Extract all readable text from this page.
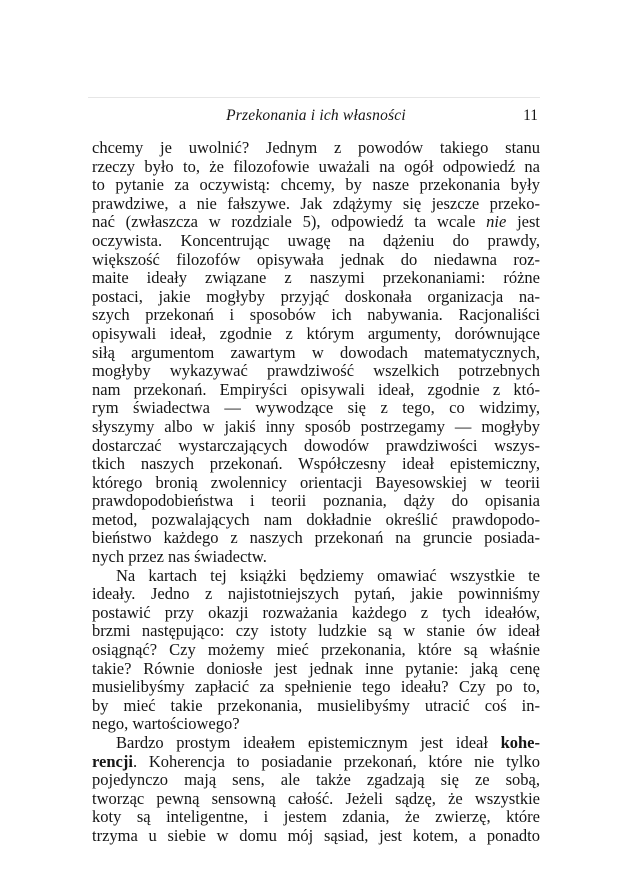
Przekonania i ich własności	11
chcemy je uwolnić? Jednym z powodów takiego stanu
rzeczy było to, że filozofowie uważali na ogół odpowiedź na
to pytanie za oczywistą: chcemy, by nasze przekonania były
prawdziwe, a nie fałszywe. Jak zdążymy się jeszcze przeko-
nać (zwłaszcza w rozdziale 5), odpowiedź ta wcale nie jest
oczywista. Koncentrując uwagę na dążeniu do prawdy,
większość filozofów opisywała jednak do niedawna roz-
maite ideały związane z naszymi przekonaniami: różne
postaci, jakie mogłyby przyjąć doskonała organizacja na-
szych przekonań i sposobów ich nabywania. Racjonaliści
opisywali ideał, zgodnie z którym argumenty, dorównujące
siłą argumentom zawartym w dowodach matematycznych,
mogłyby wykazywać prawdziwość wszelkich potrzebnych
nam przekonań. Empiryści opisywali ideał, zgodnie z któ-
rym świadectwa — wywodzące się z tego, co widzimy,
słyszymy albo w jakiś inny sposób postrzegamy — mogłyby
dostarczać wystarczających dowodów prawdziwości wszys-
tkich naszych przekonań. Współczesny ideał epistemiczny,
którego bronią zwolennicy orientacji Bayesowskiej w teorii
prawdopodobieństwa i teorii poznania, dąży do opisania
metod, pozwalających nam dokładnie określić prawdopodo-
bieństwo każdego z naszych przekonań na gruncie posiada-
nych przez nas świadectw.
Na kartach tej książki będziemy omawiać wszystkie te
ideały. Jedno z najistotniejszych pytań, jakie powinniśmy
postawić przy okazji rozważania każdego z tych ideałów,
brzmi następująco: czy istoty ludzkie są w stanie ów ideał
osiągnąć? Czy możemy mieć przekonania, które są właśnie
takie? Równie doniosłe jest jednak inne pytanie: jaką cenę
musielibyśmy zapłacić za spełnienie tego ideału? Czy po to,
by mieć takie przekonania, musielibyśmy utracić coś in-
nego, wartościowego?
Bardzo prostym ideałem epistemicznym jest ideał kohe-
rencji. Koherencja to posiadanie przekonań, które nie tylko
pojedynczo mają sens, ale także zgadzają się ze sobą,
tworząc pewną sensowną całość. Jeżeli sądzę, że wszystkie
koty są inteligentne, i jestem zdania, że zwierzę, które
trzyma u siebie w domu mój sąsiad, jest kotem, a ponadto
